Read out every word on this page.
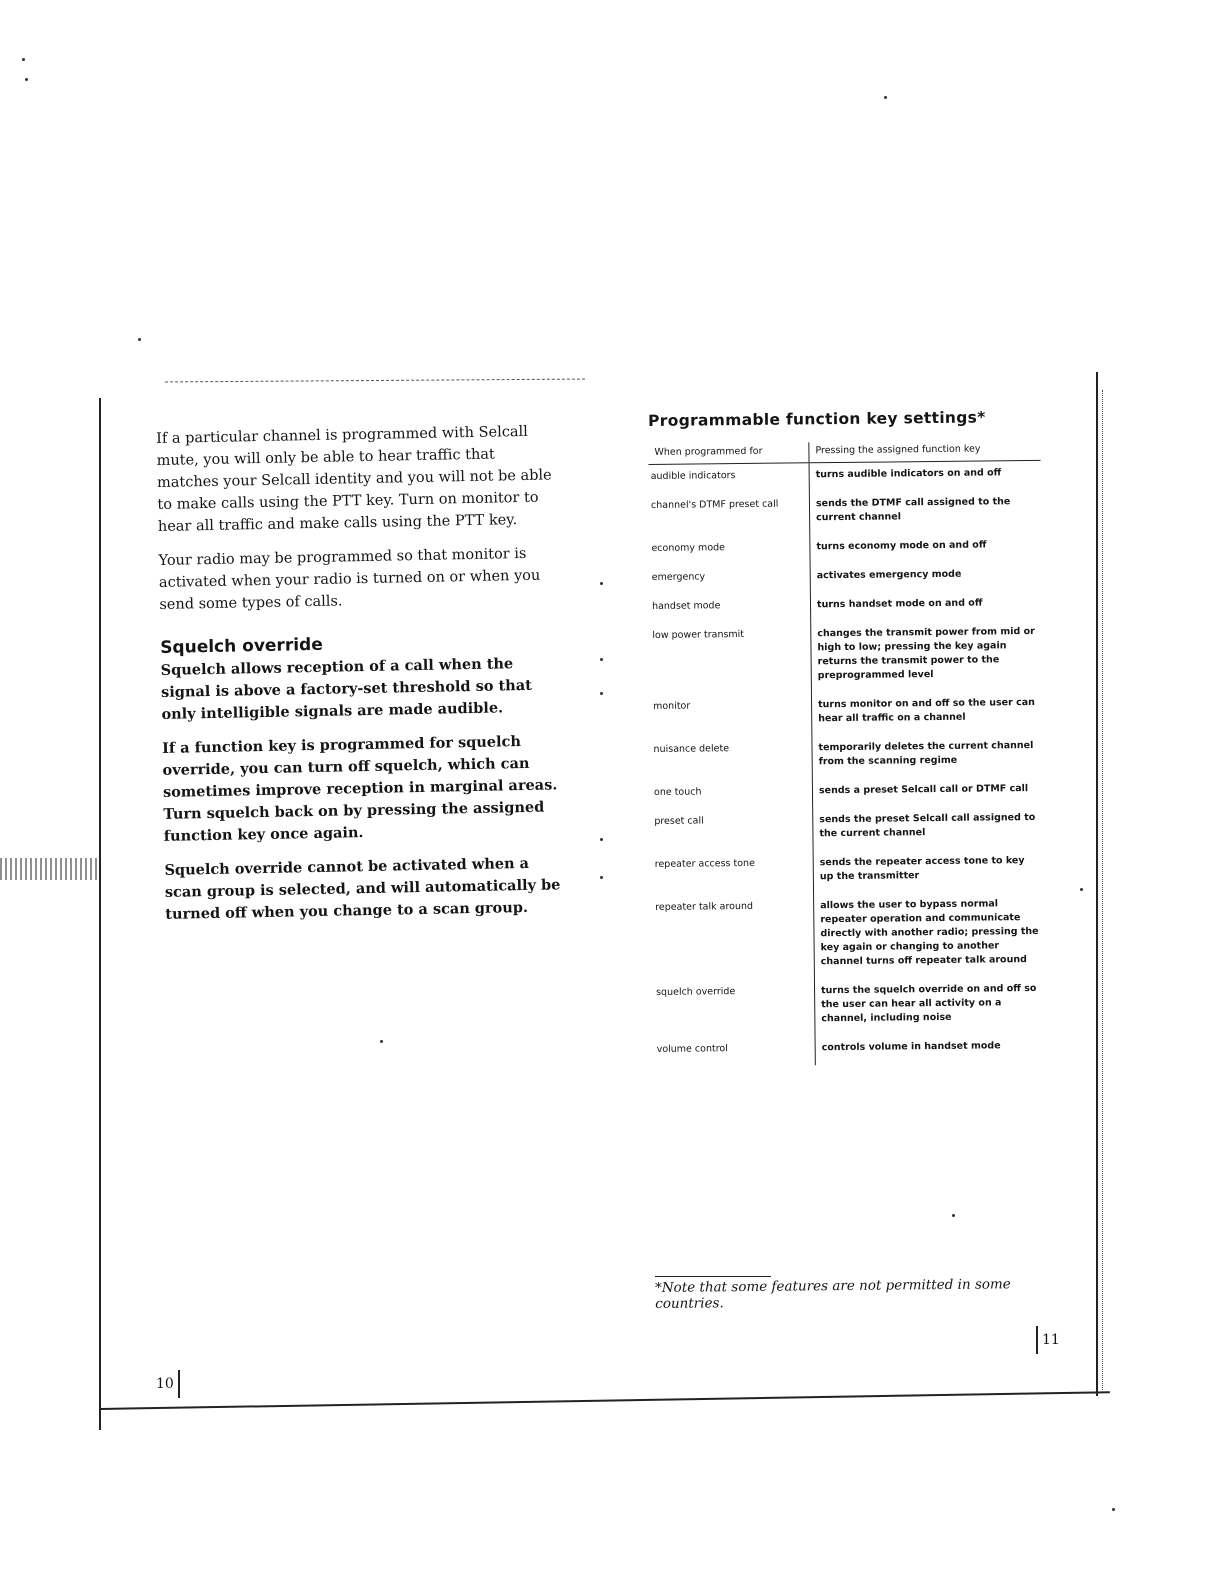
If a particular channel is programmed with Selcall mute, you will only be able to hear traffic that matches your Selcall identity and you will not be able to make calls using the PTT key. Turn on monitor to hear all traffic and make calls using the PTT key.

Your radio may be programmed so that monitor is activated when your radio is turned on or when you send some types of calls.

Squelch override

Squelch allows reception of a call when the signal is above a factory-set threshold so that only intelligible signals are made audible.

If a function key is programmed for squelch override, you can turn off squelch, which can sometimes improve reception in marginal areas. Turn squelch back on by pressing the assigned function key once again.

Squelch override cannot be activated when a scan group is selected, and will automatically be turned off when you change to a scan group.

10
Programmable function key settings*
When programmed for	Pressing the assigned function key
audible indicators	turns audible indicators on and off
channel's DTMF preset call	sends the DTMF call assigned to the current channel
economy mode	turns economy mode on and off
emergency	activates emergency mode
handset mode	turns handset mode on and off
low power transmit	changes the transmit power from mid or high to low; pressing the key again returns the transmit power to the preprogrammed level
monitor	turns monitor on and off so the user can hear all traffic on a channel
nuisance delete	temporarily deletes the current channel from the scanning regime
one touch	sends a preset Selcall call or DTMF call
preset call	sends the preset Selcall call assigned to the current channel
repeater access tone	sends the repeater access tone to key up the transmitter
repeater talk around	allows the user to bypass normal repeater operation and communicate directly with another radio; pressing the key again or changing to another channel turns off repeater talk around
squelch override	turns the squelch override on and off so the user can hear all activity on a channel, including noise
volume control	controls volume in handset mode
*Note that some features are not permitted in some countries.
11
